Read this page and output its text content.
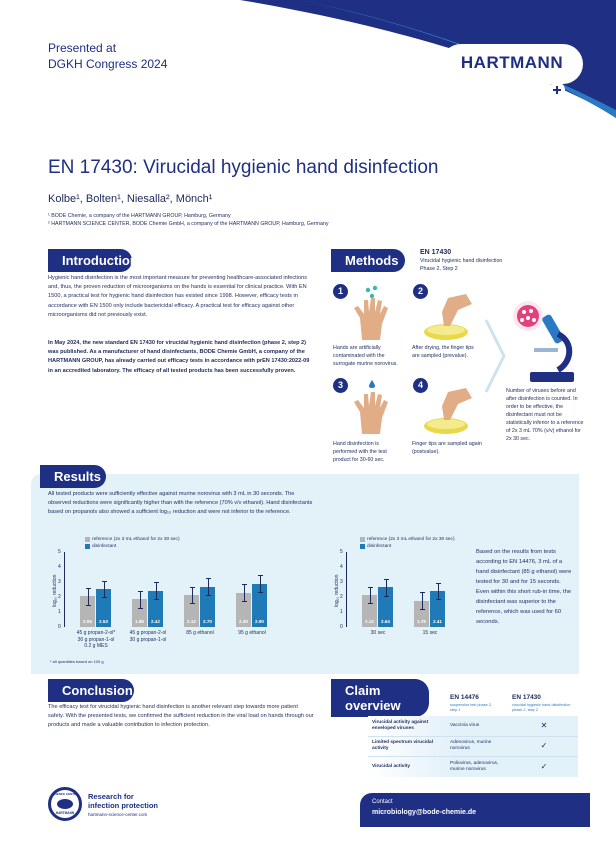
Presented at
DGKH Congress 2024	HARTMANN
EN 17430: Virucidal hygienic hand disinfection
Kolbe¹, Bolten¹, Niesalla², Mönch¹
¹ BODE Chemie, a company of the HARTMANN GROUP, Hamburg, Germany
² HARTMANN SCIENCE CENTER, BODE Chemie GmbH, a company of the HARTMANN GROUP, Hamburg, Germany
Introduction
Hygienic hand disinfection is the most important measure for preventing healthcare-associated infections and, thus, the proven reduction of microorganisms on the hands is essential for clinical practice. With EN 1500, a practical test for hygienic hand disinfection has existed since 1998. However, efficacy tests in accordance with EN 1500 only include bactericidal efficacy. A practical test for efficacy against other microorganisms did not previously exist.
In May 2024, the new standard EN 17430 for virucidal hygienic hand disinfection (phase 2, step 2) was published. As a manufacturer of hand disinfectants, BODE Chemie GmbH, a company of the HARTMANN GROUP, has already carried out efficacy tests in accordance with prEN 17430:2022-09 in an accredited laboratory. The efficacy of all tested products has been successfully proven.
Methods
EN 17430
Virucidal hygienic hand disinfection
Phase 2, Step 2
1
Hands are artificially contaminated with the surrogate murine norovirus.
2
After drying, the finger tips are sampled (prevalue).
3
Hand disinfection is performed with the test product for 30-60 sec.
4
Finger tips are sampled again (postvalue).
Number of viruses before and after disinfection is counted. In order to be effective, the disinfectant must not be statistically inferior to a reference of 2x 3 mL 70% (v/v) ethanol for 2x 30 sec.
Results
All tested products were sufficiently effective against murine norovirus with 3 mL in 30 seconds. The observed reductions were significantly higher than with the reference (70% v/v ethanol). Hand disinfectants based on propanols also showed a sufficient log₁₀ reduction and were not inferior to the reference.
reference (2x 3 mL ethanol for 2x 30 sec)
disinfectant
log₁₀ reduction
0
1
2
3
4
5
2.05	2.53
45 g propan-2-ol*
30 g propan-1-ol
0.2 g MES
1.85	2.42
45 g propan-2-ol
30 g propan-1-ol
2.12	2.70
85 g ethanol
2.30	2.90
95 g ethanol
reference (2x 3 mL ethanol for 2x 30 sec)
disinfectant
log₁₀ reduction
0
1
2
3
4
5
2.12	2.64
30 sec
1.76	2.41
15 sec
Based on the results from tests according to EN 14476, 3 mL of a hand disinfectant (85 g ethanol) were tested for 30 and for 15 seconds. Even within this short rub-in time, the disinfectant was superior to the reference, which was used for 60 seconds.
* all quantities based on 100 g
Conclusion
The efficacy test for virucidal hygienic hand disinfection is another relevant step towards more patient safety. With the presented tests, we confirmed the sufficient reduction in the viral load on hands through our products and made a valuable contribution to infection protection.
Claim overview
EN 14476
suspension test phase 2, step 1
EN 17430
virucidal hygienic hand disinfection phase 2, step 2
Virucidal activity against enveloped viruses	Vaccinia virus	✕
Limited spectrum virucidal activity	Adenovirus, murine norovirus	✓
Virucidal activity	Poliovirus, adenovirus, murine norovirus	✓
SCIENCE CENTER
HARTMANN
Research for
infection protection
hartmann-science-center.com
Contact
microbiology@bode-chemie.de
